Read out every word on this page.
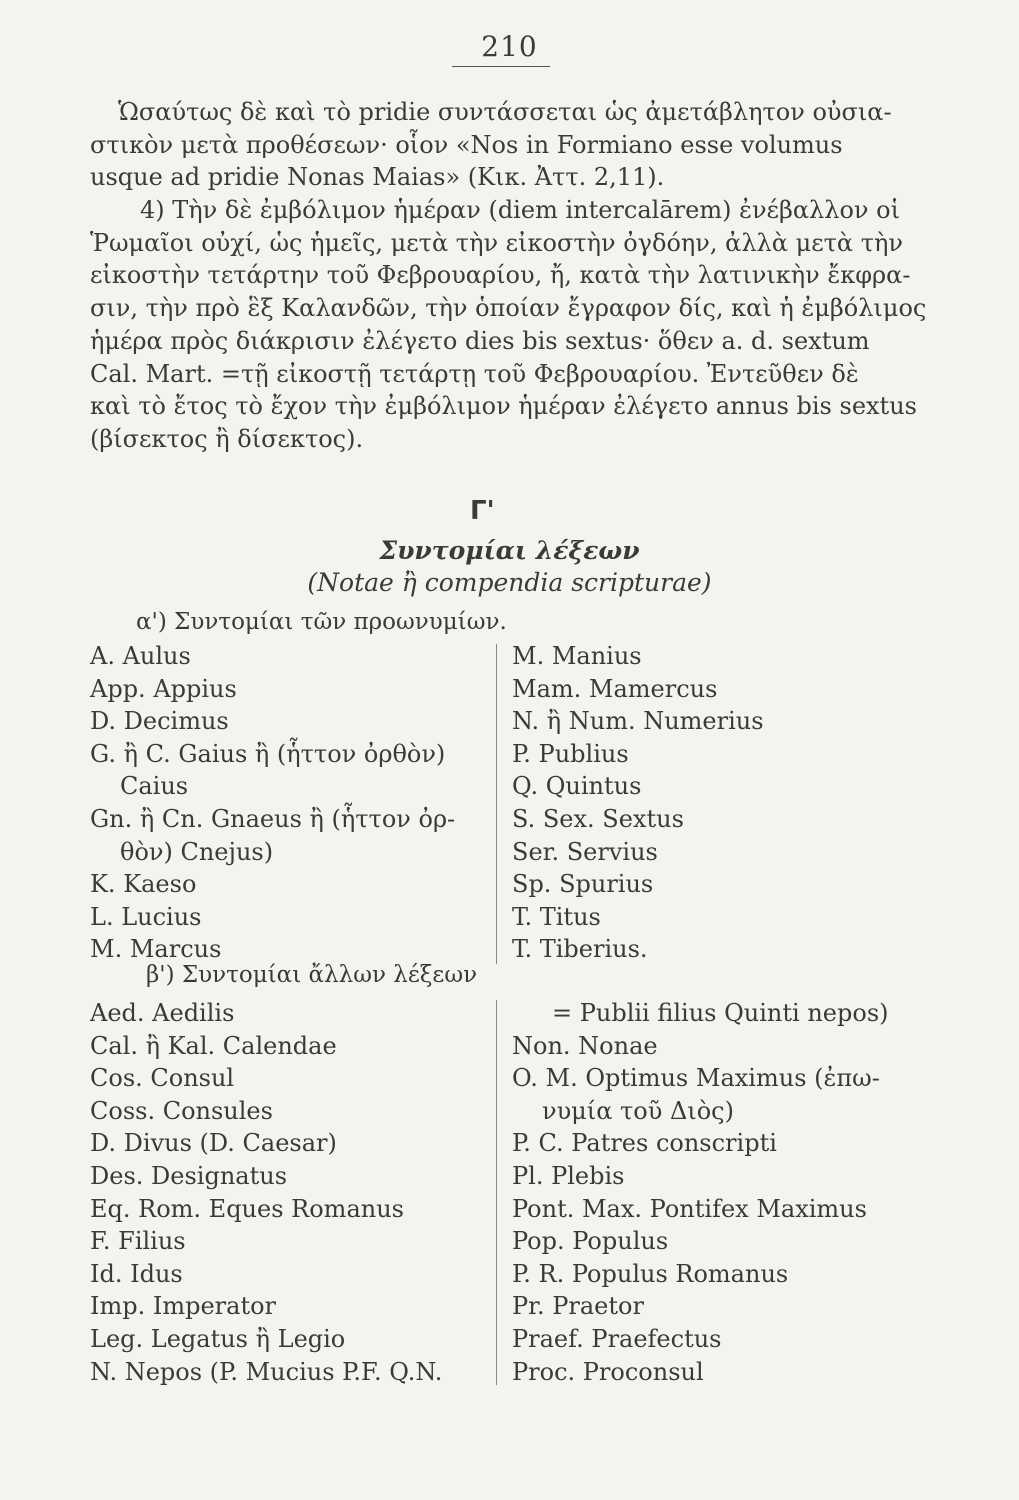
210
Ὡσαύτως δὲ καὶ τὸ pridie συντάσσεται ὡς ἀμετάβλητον οὐσια-
στικὸν μετὰ προθέσεων· οἷον «Nos in Formiano esse volumus
usque ad pridie Nonas Maias» (Κικ. Ἀττ. 2,11).
4) Τὴν δὲ ἐμβόλιμον ἡμέραν (diem intercalārem) ἐνέβαλλον οἱ
Ῥωμαῖοι οὐχί, ὡς ἡμεῖς, μετὰ τὴν εἰκοστὴν ὀγδόην, ἀλλὰ μετὰ τὴν
εἰκοστὴν τετάρτην τοῦ Φεβρουαρίου, ἤ, κατὰ τὴν λατινικὴν ἔκφρα-
σιν, τὴν πρὸ ἓξ Καλανδῶν, τὴν ὁποίαν ἔγραφον δίς, καὶ ἡ ἐμβόλιμος
ἡμέρα πρὸς διάκρισιν ἐλέγετο dies bis sextus· ὅθεν a. d. sextum
Cal. Mart. =τῇ εἰκοστῇ τετάρτῃ τοῦ Φεβρουαρίου. Ἐντεῦθεν δὲ
καὶ τὸ ἔτος τὸ ἔχον τὴν ἐμβόλιμον ἡμέραν ἐλέγετο annus bis sextus
(βίσεκτος ἢ δίσεκτος).
Γ'
Συντομίαι λέξεων
(Notae ἢ compendia scripturae)
α') Συντομίαι τῶν προωνυμίων.
A. Aulus
App. Appius
D. Decimus
G. ἢ C. Gaius ἢ (ἧττον ὀρθὸν)
Caius
Gn. ἢ Cn. Gnaeus ἢ (ἧττον ὀρ-
θὸν) Cnejus)
K. Kaeso
L. Lucius
M. Marcus
M. Manius
Mam. Mamercus
N. ἢ Num. Numerius
P. Publius
Q. Quintus
S. Sex. Sextus
Ser. Servius
Sp. Spurius
T. Titus
T. Tiberius.
β') Συντομίαι ἄλλων λέξεων
Aed. Aedilis
Cal. ἢ Kal. Calendae
Cos. Consul
Coss. Consules
D. Divus (D. Caesar)
Des. Designatus
Eq. Rom. Eques Romanus
F. Filius
Id. Idus
Imp. Imperator
Leg. Legatus ἢ Legio
N. Nepos (P. Mucius P.F. Q.N.
= Publii filius Quinti nepos)
Non. Nonae
O. M. Optimus Maximus (ἐπω-
νυμία τοῦ Διὸς)
P. C. Patres conscripti
Pl. Plebis
Pont. Max. Pontifex Maximus
Pop. Populus
P. R. Populus Romanus
Pr. Praetor
Praef. Praefectus
Proc. Proconsul
